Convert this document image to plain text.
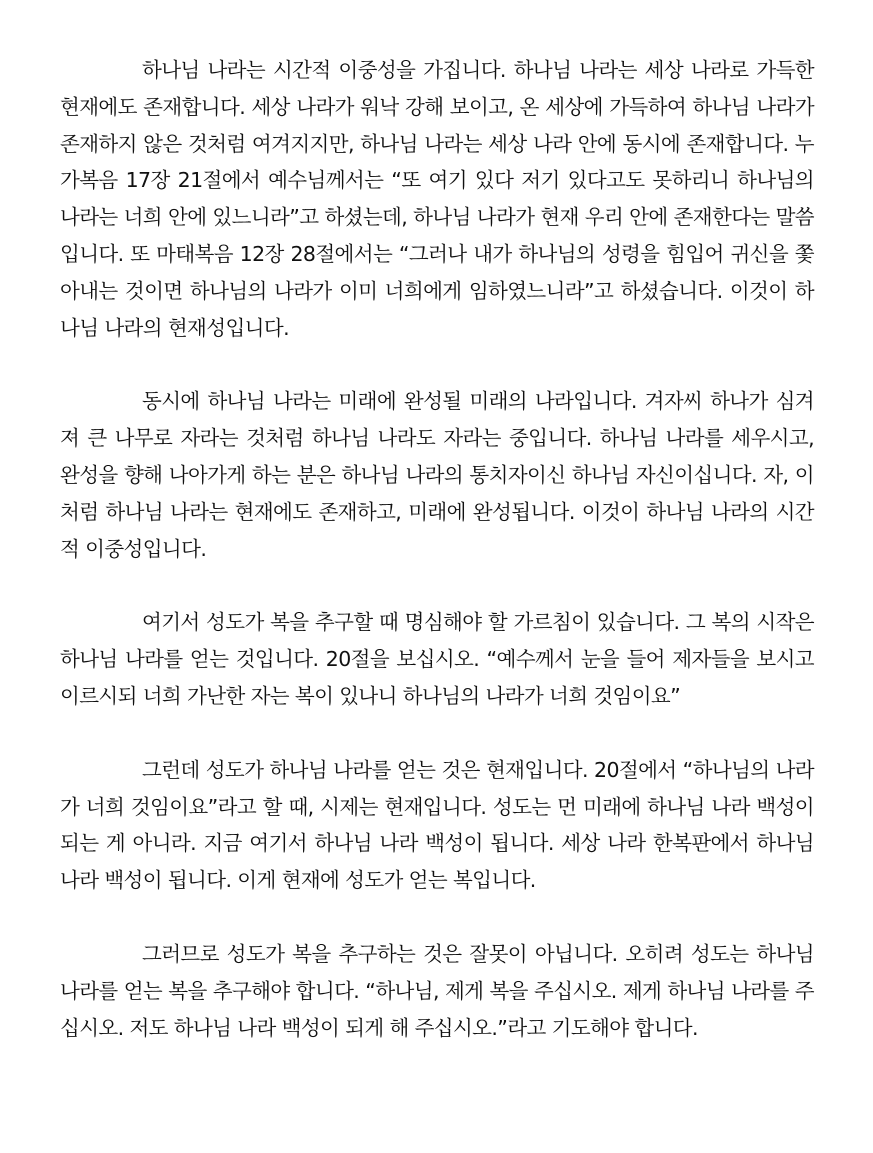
하나님 나라는 시간적 이중성을 가집니다. 하나님 나라는 세상 나라로 가득한 현재에도 존재합니다. 세상 나라가 워낙 강해 보이고, 온 세상에 가득하여 하나님 나라가 존재하지 않은 것처럼 여겨지지만, 하나님 나라는 세상 나라 안에 동시에 존재합니다. 누가복음 17장 21절에서 예수님께서는 “또 여기 있다 저기 있다고도 못하리니 하나님의 나라는 너희 안에 있느니라”고 하셨는데, 하나님 나라가 현재 우리 안에 존재한다는 말씀입니다. 또 마태복음 12장 28절에서는 “그러나 내가 하나님의 성령을 힘입어 귀신을 쫓아내는 것이면 하나님의 나라가 이미 너희에게 임하였느니라”고 하셨습니다. 이것이 하나님 나라의 현재성입니다.

동시에 하나님 나라는 미래에 완성될 미래의 나라입니다. 겨자씨 하나가 심겨져 큰 나무로 자라는 것처럼 하나님 나라도 자라는 중입니다. 하나님 나라를 세우시고, 완성을 향해 나아가게 하는 분은 하나님 나라의 통치자이신 하나님 자신이십니다. 자, 이처럼 하나님 나라는 현재에도 존재하고, 미래에 완성됩니다. 이것이 하나님 나라의 시간적 이중성입니다.

여기서 성도가 복을 추구할 때 명심해야 할 가르침이 있습니다. 그 복의 시작은 하나님 나라를 얻는 것입니다. 20절을 보십시오. “예수께서 눈을 들어 제자들을 보시고 이르시되 너희 가난한 자는 복이 있나니 하나님의 나라가 너희 것임이요”

그런데 성도가 하나님 나라를 얻는 것은 현재입니다. 20절에서 “하나님의 나라가 너희 것임이요”라고 할 때, 시제는 현재입니다. 성도는 먼 미래에 하나님 나라 백성이 되는 게 아니라. 지금 여기서 하나님 나라 백성이 됩니다. 세상 나라 한복판에서 하나님 나라 백성이 됩니다. 이게 현재에 성도가 얻는 복입니다.

그러므로 성도가 복을 추구하는 것은 잘못이 아닙니다. 오히려 성도는 하나님 나라를 얻는 복을 추구해야 합니다. “하나님, 제게 복을 주십시오. 제게 하나님 나라를 주십시오. 저도 하나님 나라 백성이 되게 해 주십시오.”라고 기도해야 합니다.
